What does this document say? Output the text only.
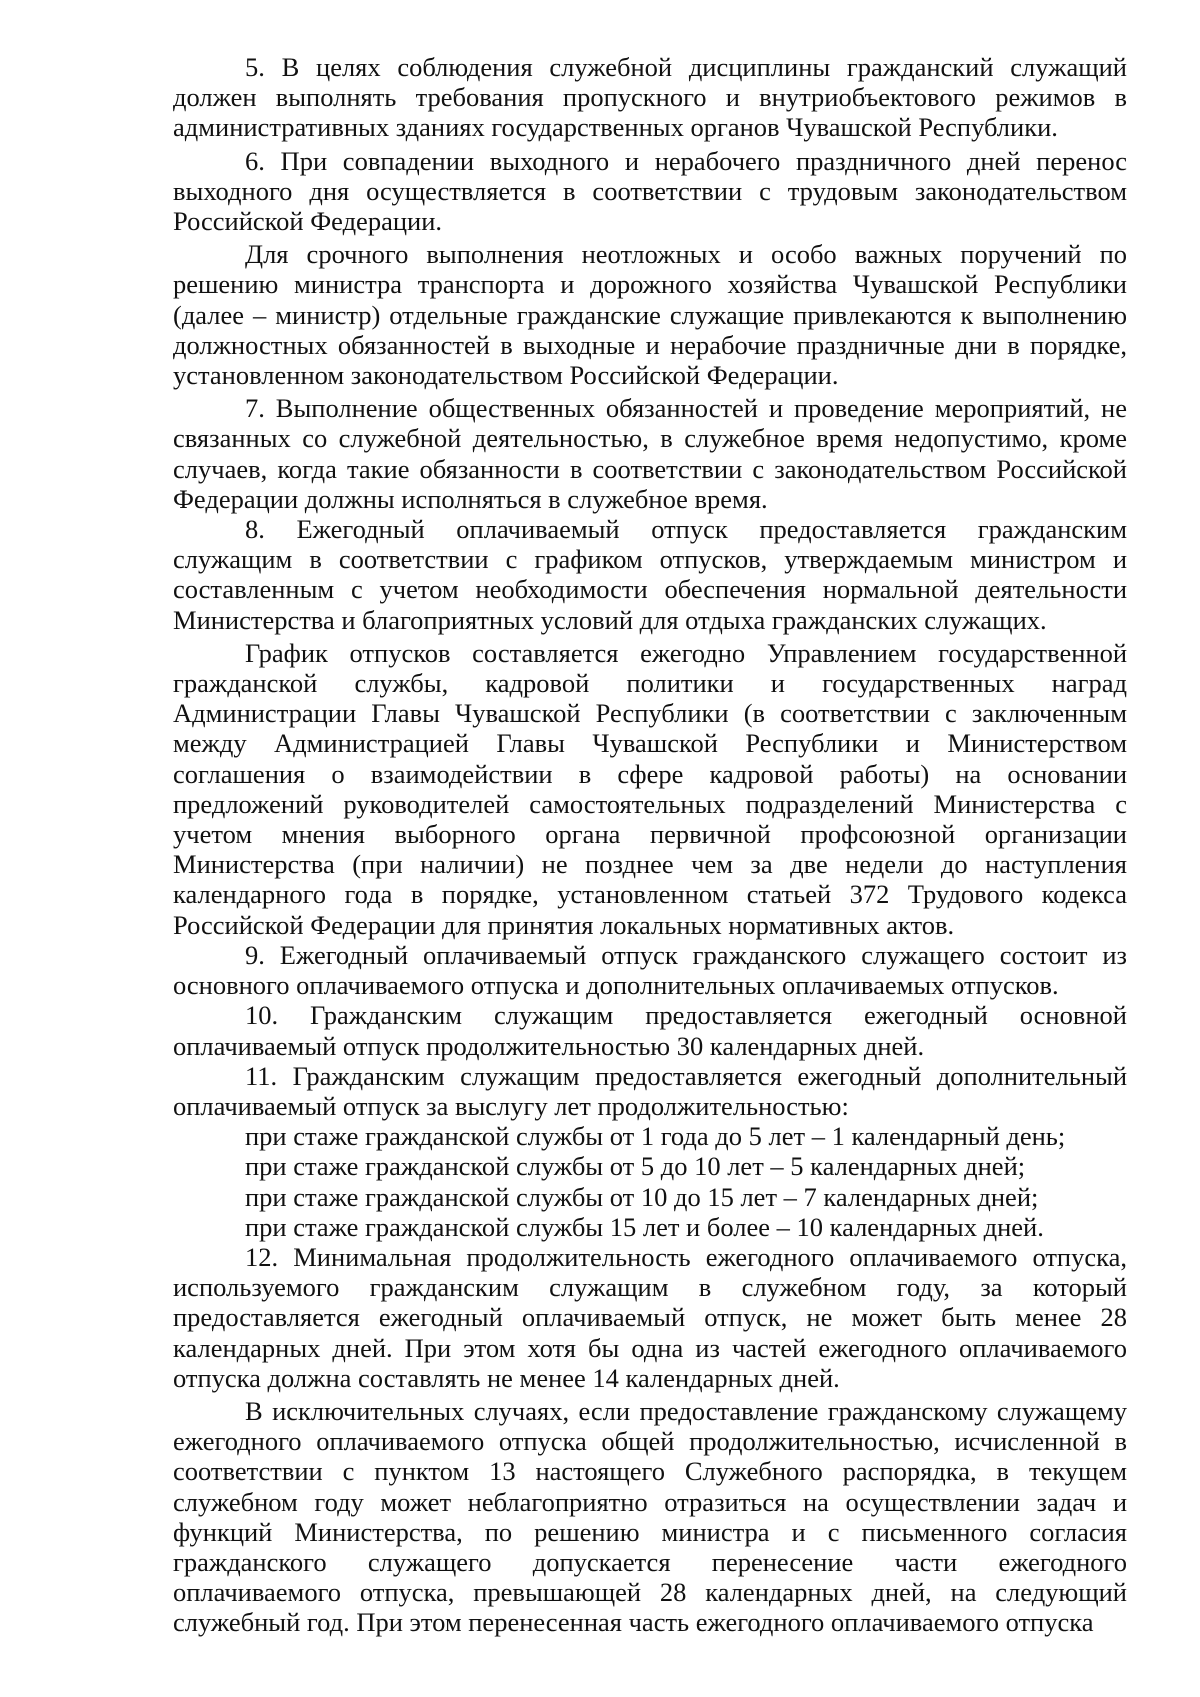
5. В целях соблюдения служебной дисциплины гражданский служащий должен выполнять требования пропускного и внутриобъектового режимов в административных зданиях государственных органов Чувашской Республики.

6. При совпадении выходного и нерабочего праздничного дней перенос выходного дня осуществляется в соответствии с трудовым законодательством Российской Федерации.

Для срочного выполнения неотложных и особо важных поручений по решению министра транспорта и дорожного хозяйства Чувашской Республики (далее – министр) отдельные гражданские служащие привлекаются к выполнению должностных обязанностей в выходные и нерабочие праздничные дни в порядке, установленном законодательством Российской Федерации.

7. Выполнение общественных обязанностей и проведение мероприятий, не связанных со служебной деятельностью, в служебное время недопустимо, кроме случаев, когда такие обязанности в соответствии с законодательством Российской Федерации должны исполняться в служебное время.

8. Ежегодный оплачиваемый отпуск предоставляется гражданским служащим в соответствии с графиком отпусков, утверждаемым министром и составленным с учетом необходимости обеспечения нормальной деятельности Министерства и благоприятных условий для отдыха гражданских служащих.

График отпусков составляется ежегодно Управлением государственной гражданской службы, кадровой политики и государственных наград Администрации Главы Чувашской Республики (в соответствии с заключенным между Администрацией Главы Чувашской Республики и Министерством соглашения о взаимодействии в сфере кадровой работы) на основании предложений руководителей самостоятельных подразделений Министерства с учетом мнения выборного органа первичной профсоюзной организации Министерства (при наличии) не позднее чем за две недели до наступления календарного года в порядке, установленном статьей 372 Трудового кодекса Российской Федерации для принятия локальных нормативных актов.

9. Ежегодный оплачиваемый отпуск гражданского служащего состоит из основного оплачиваемого отпуска и дополнительных оплачиваемых отпусков.

10. Гражданским служащим предоставляется ежегодный основной оплачиваемый отпуск продолжительностью 30 календарных дней.

11. Гражданским служащим предоставляется ежегодный дополнительный оплачиваемый отпуск за выслугу лет продолжительностью:

при стаже гражданской службы от 1 года до 5 лет – 1 календарный день;

при стаже гражданской службы от 5 до 10 лет – 5 календарных дней;

при стаже гражданской службы от 10 до 15 лет – 7 календарных дней;

при стаже гражданской службы 15 лет и более – 10 календарных дней.

12. Минимальная продолжительность ежегодного оплачиваемого отпуска, используемого гражданским служащим в служебном году, за который предоставляется ежегодный оплачиваемый отпуск, не может быть менее 28 календарных дней. При этом хотя бы одна из частей ежегодного оплачиваемого отпуска должна составлять не менее 14 календарных дней.

В исключительных случаях, если предоставление гражданскому служащему ежегодного оплачиваемого отпуска общей продолжительностью, исчисленной в соответствии с пунктом 13 настоящего Служебного распорядка, в текущем служебном году может неблагоприятно отразиться на осуществлении задач и функций Министерства, по решению министра и с письменного согласия гражданского служащего допускается перенесение части ежегодного оплачиваемого отпуска, превышающей 28 календарных дней, на следующий служебный год. При этом перенесенная часть ежегодного оплачиваемого отпуска
